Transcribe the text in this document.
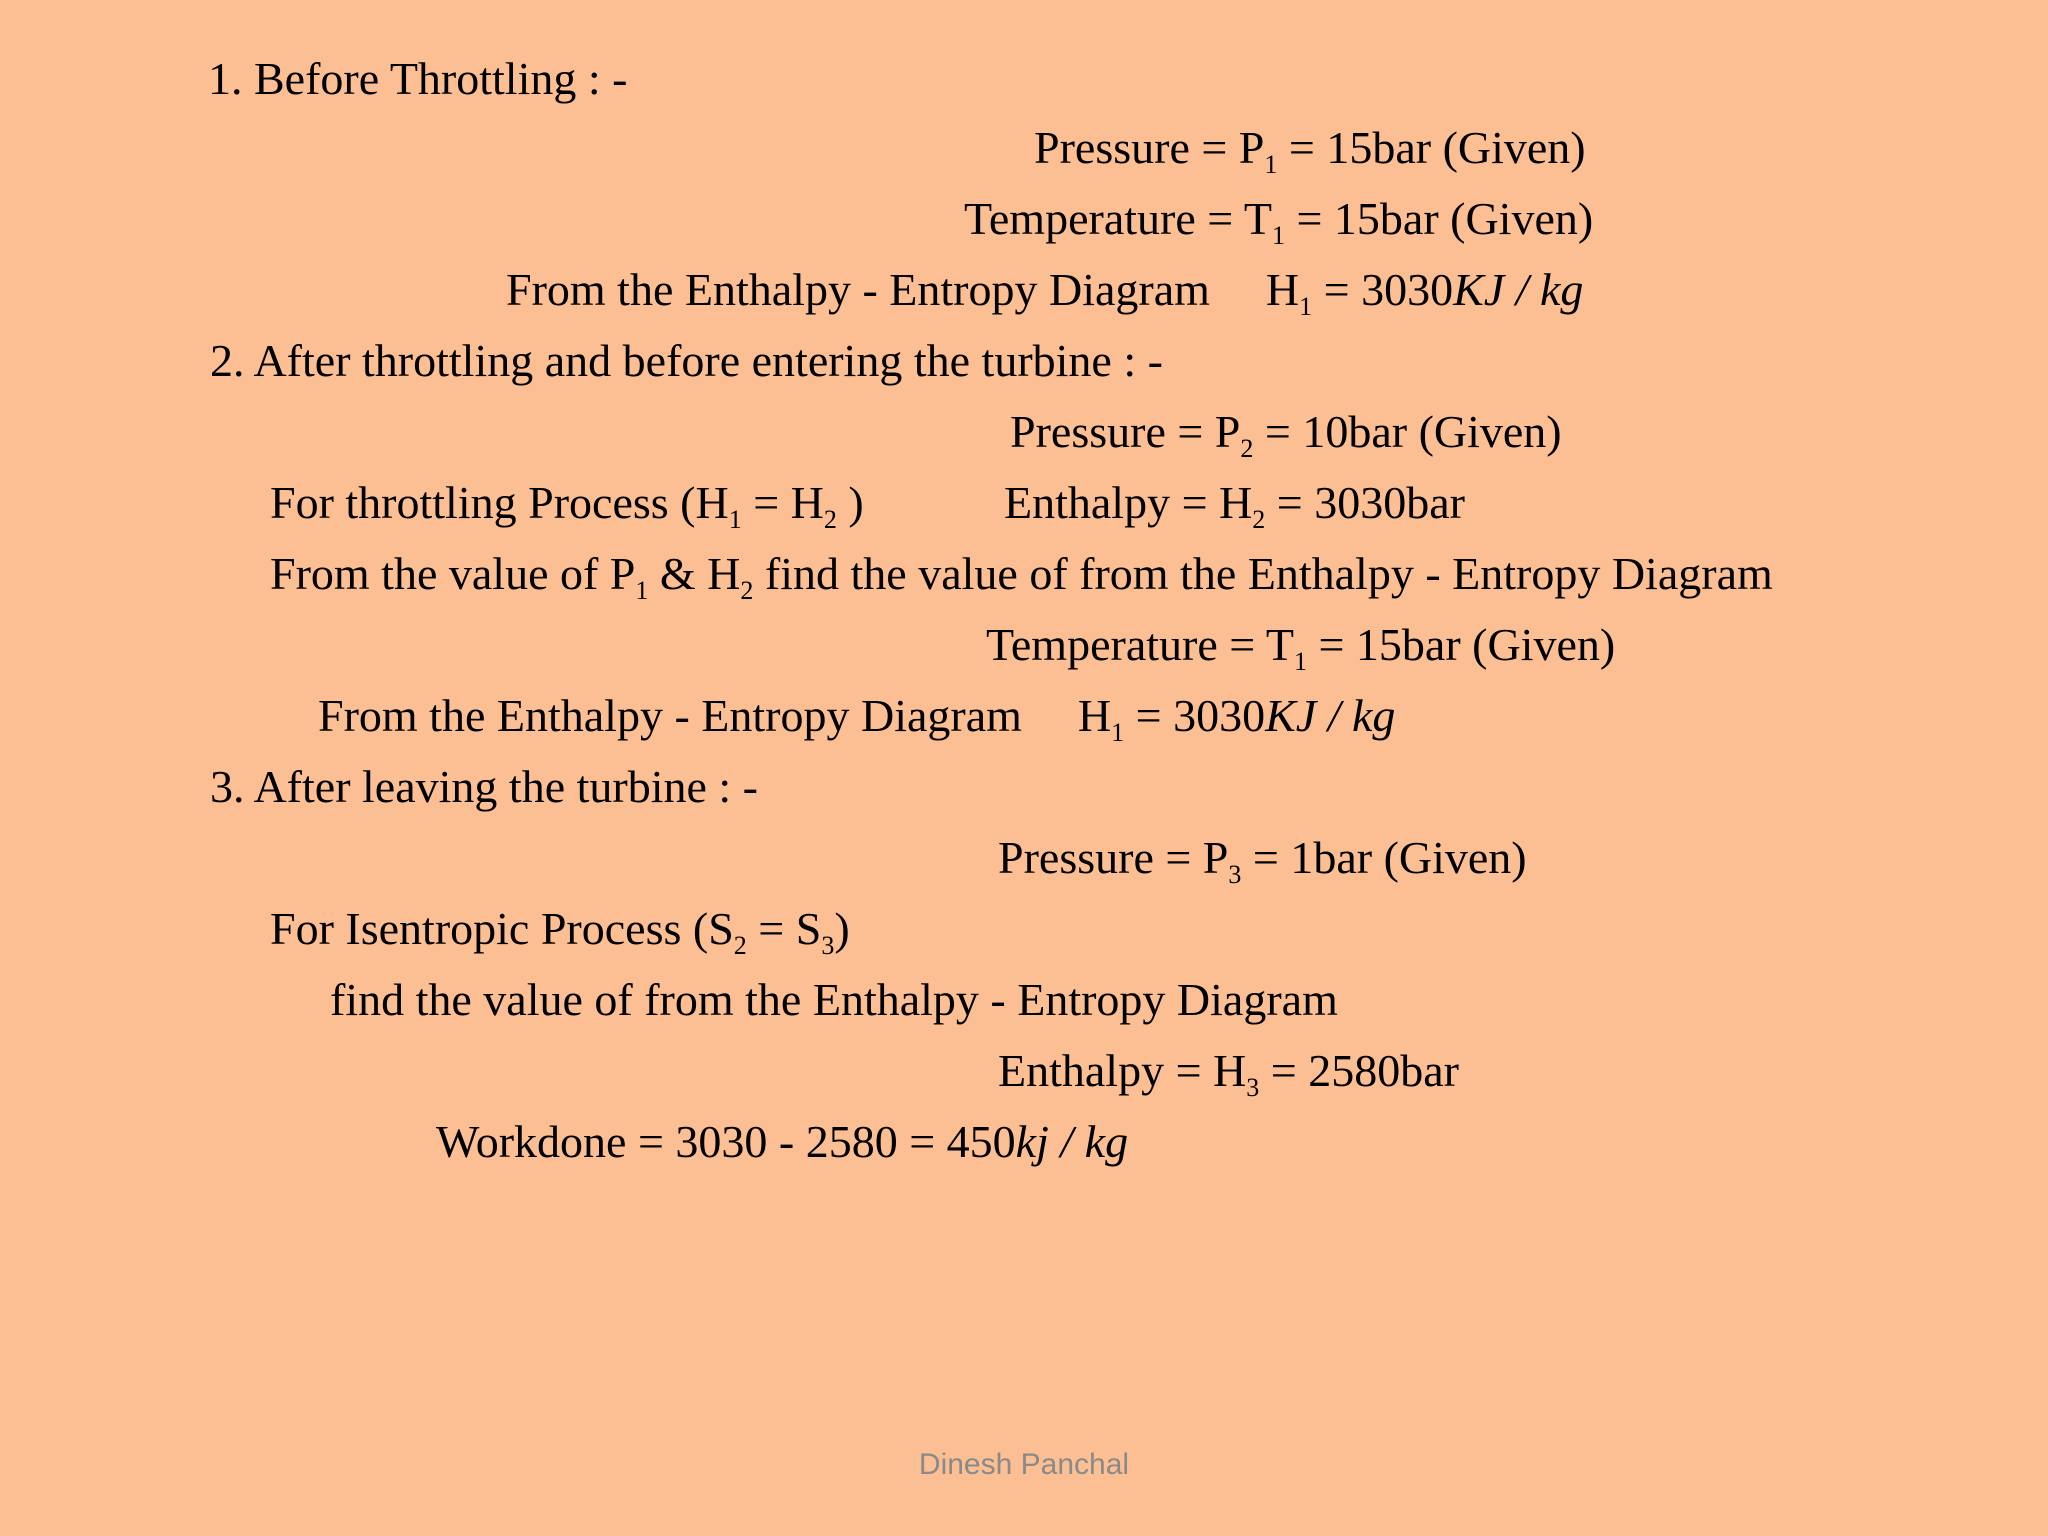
1. Before Throttling : -
Pressure = $P_1 = 15bar$ (Given)
Temperature = $T_1 = 15bar$ (Given)
From the Enthalpy - Entropy Diagram $H_1 = 3030KJ$ / kg
2. After throttling and before entering the turbine : -
Pressure = $P_2 = 10bar$ (Given)
For throttling Process ($H_1 = H_2$ )	Enthalpy = $H_2 = 3030bar$
From the value of $P_1$ & $H_2$ find the value of from the Enthalpy - Entropy Diagram
Temperature = $T_1 = 15bar$ (Given)
From the Enthalpy - Entropy Diagram $H_1 = 3030KJ$ / kg
3. After leaving the turbine : -
Pressure = $P_3 = 1bar$ (Given)
For Isentropic Process $(S_2 = S_3)$
find the value of from the Enthalpy - Entropy Diagram
Enthalpy = $H_3 = 2580bar$
Workdone = 3030 - 2580 = 450kj / kg
Dinesh Panchal
